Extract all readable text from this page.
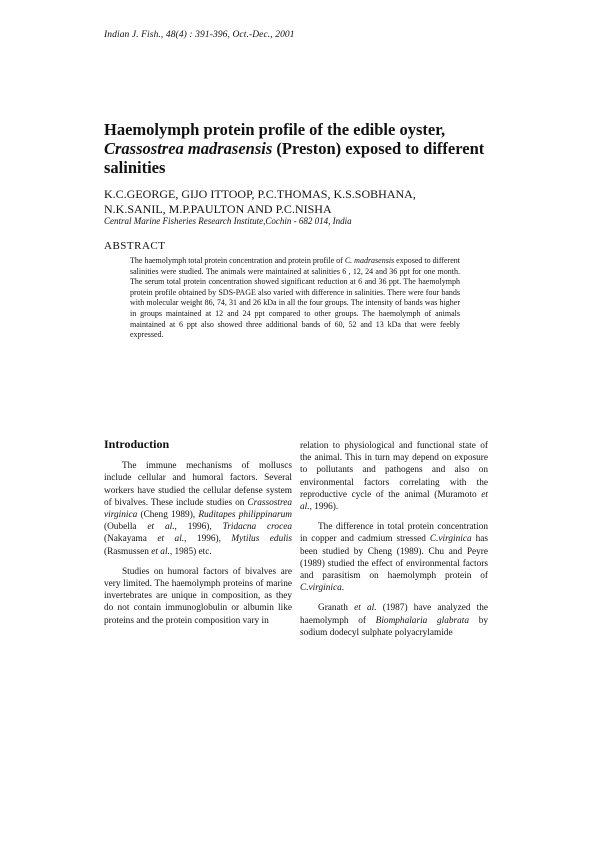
Indian J. Fish., 48(4) : 391-396, Oct.-Dec., 2001
Haemolymph protein profile of the edible oyster, Crassostrea madrasensis (Preston) exposed to different salinities
K.C.GEORGE, GIJO ITTOOP, P.C.THOMAS, K.S.SOBHANA,
N.K.SANIL, M.P.PAULTON AND P.C.NISHA
Central Marine Fisheries Research Institute,Cochin - 682 014, India
ABSTRACT
The haemolymph total protein concentration and protein profile of C. madrasensis exposed to different salinities were studied. The animals were maintained at salinities 6 , 12, 24 and 36 ppt for one month. The serum total protein concentration showed significant reduction at 6 and 36 ppt. The haemolymph protein profile obtained by SDS-PAGE also varied with difference in salinities. There were four bands with molecular weight 86, 74, 31 and 26 kDa in all the four groups. The intensity of bands was higher in groups maintained at 12 and 24 ppt compared to other groups. The haemolymph of animals maintained at 6 ppt also showed three additional bands of 60, 52 and 13 kDa that were feebly expressed.
Introduction

The immune mechanisms of molluscs include cellular and humoral factors. Several workers have studied the cellular defense system of bivalves. These include studies on Crassostrea virginica (Cheng 1989), Ruditapes philippinarum (Oubella et al., 1996), Tridacna crocea (Nakayama et al., 1996), Mytilus edulis (Rasmussen et al., 1985) etc.

Studies on humoral factors of bivalves are very limited. The haemolymph proteins of marine invertebrates are unique in composition, as they do not contain immunoglobulin or albumin like proteins and the protein composition vary in

relation to physiological and functional state of the animal. This in turn may depend on exposure to pollutants and pathogens and also on environmental factors correlating with the reproductive cycle of the animal (Muramoto et al., 1996).

The difference in total protein concentration in copper and cadmium stressed C.virginica has been studied by Cheng (1989). Chu and Peyre (1989) studied the effect of environmental factors and parasitism on haemolymph protein of C.virginica.

Granath et al. (1987) have analyzed the haemolymph of Biomphalaria glabrata by sodium dodecyl sulphate polyacrylamide
